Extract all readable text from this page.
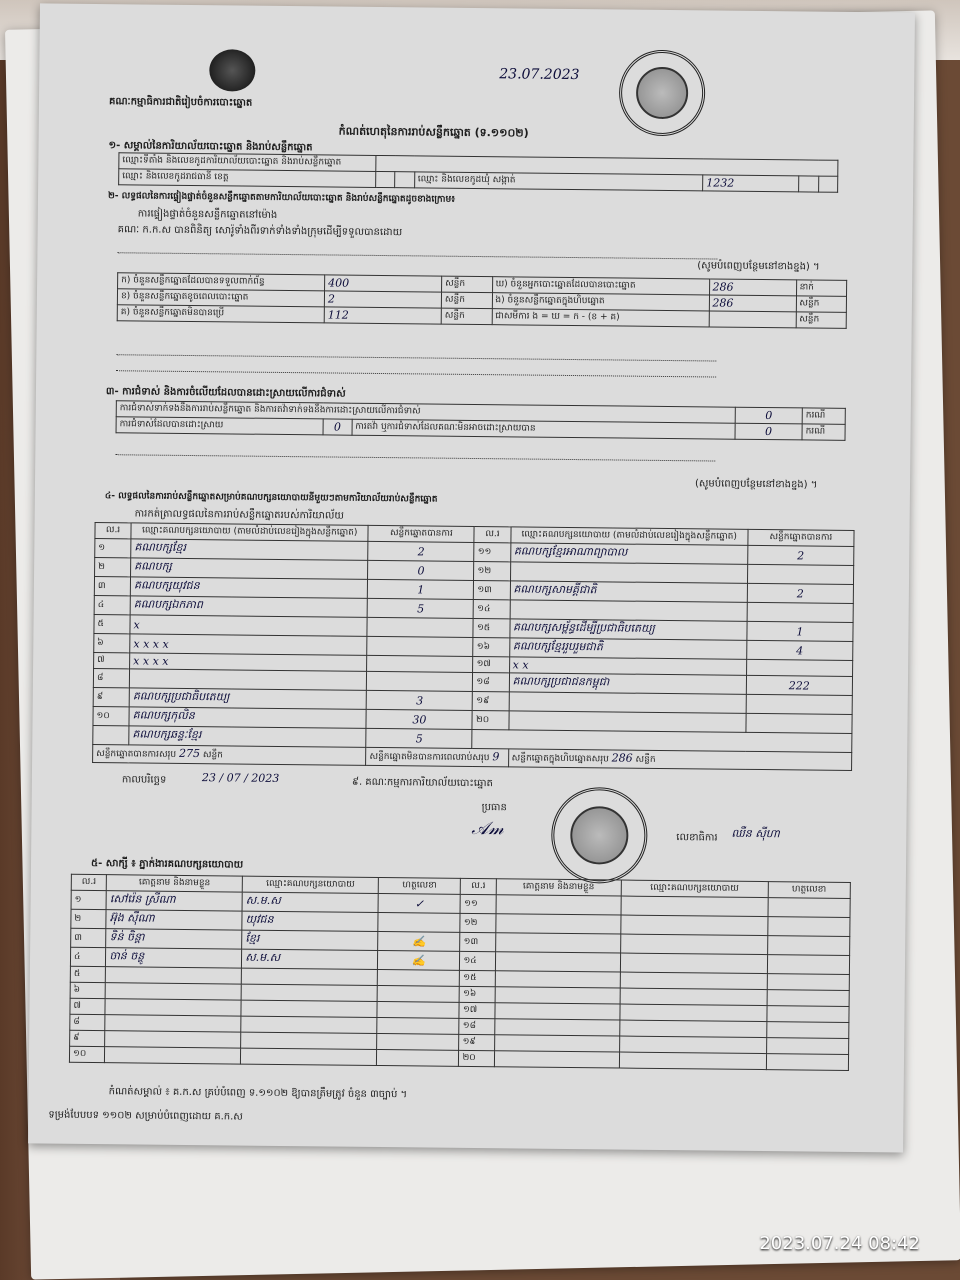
គណៈកម្មាធិការជាតិរៀបចំការបោះឆ្នោត
23.07.2023
កំណត់ហេតុនៃការរាប់សន្លឹកឆ្នោត (ទ.១១០២)
១- សម្គាល់នៃការិយាល័យបោះឆ្នោត និងរាប់សន្លឹកឆ្នោត
ឈ្មោះទីតាំង និងលេខកូដការិយាល័យបោះឆ្នោត និងរាប់សន្លឹកឆ្នោត						
ឈ្មោះ និងលេខកូដរាជធានី ខេត្ត			ឈ្មោះ និងលេខកូដឃុំ សង្កាត់	1232		
២- លទ្ធផលនៃការផ្ទៀងផ្ទាត់ចំនួនសន្លឹកឆ្នោតតាមការិយាល័យបោះឆ្នោត និងរាប់សន្លឹកឆ្នោតដូចខាងក្រោម៖
ការផ្ទៀងផ្ទាត់ចំនួនសន្លឹកឆ្នោតនៅម៉ោង
គណៈ ក.ក.ស បានពិនិត្យ សោរ៉ូទាំងពីរទាក់ទាំងទាំងក្រុមដើម្បីទទួលបានដោយ
(សូមបំពេញបន្ថែមនៅខាងខ្នង) ។
ក) ចំនួនសន្លឹកឆ្នោតដែលបានទទួលពាក់ព័ន្ធ	400	សន្លឹក	ឃ) ចំនួនអ្នកបោះឆ្នោតដែលបានបោះឆ្នោត	286	នាក់
ខ) ចំនួនសន្លឹកឆ្នោតខូចពេលបោះឆ្នោត	2	សន្លឹក	ង) ចំនួនសន្លឹកឆ្នោតក្នុងហិបឆ្នោត	286	សន្លឹក
គ) ចំនួនសន្លឹកឆ្នោតមិនបានប្រើ	112	សន្លឹក	ជាសមីការ ង = ឃ = ក - (ខ + គ)		សន្លឹក
៣- ការជំទាស់ និងការចំលើយដែលបានដោះស្រាយលើការជំទាស់
ការជំទាស់ទាក់ទងនឹងការរាប់សន្លឹកឆ្នោត និងការតវ៉ាទាក់ទងនឹងការដោះស្រាយលើការជំទាស់			0	ករណី
ការជំទាស់ដែលបានដោះស្រាយ	0	ការតវ៉ា ឬការជំទាស់ដែលគណៈមិនអាចដោះស្រាយបាន	0	ករណី
(សូមបំពេញបន្ថែមនៅខាងខ្នង) ។
៤- លទ្ធផលនៃការរាប់សន្លឹកឆ្នោតសម្រាប់គណបក្សនយោបាយនីមួយៗតាមការិយាល័យរាប់សន្លឹកឆ្នោត
ការកត់ត្រាលទ្ធផលនៃការរាប់សន្លឹកឆ្នោតរបស់ការិយាល័យ
ល.រ	ឈ្មោះគណបក្សនយោបាយ (តាមលំដាប់លេខរៀងក្នុងសន្លឹកឆ្នោត)	សន្លឹកឆ្នោតបានការ	ល.រ	ឈ្មោះគណបក្សនយោបាយ (តាមលំដាប់លេខរៀងក្នុងសន្លឹកឆ្នោត)	សន្លឹកឆ្នោតបានការ
១	គណបក្សខ្មែរ	2	១១	គណបក្សខ្មែរអាណាព្យាបាល	2
២	គណបក្ស	0	១២		
៣	គណបក្សយុវជន	1	១៣	គណបក្សសាមគ្គីជាតិ	2
៤	គណបក្សឯកភាព	5	១៤		
៥	x		១៥	គណបក្សសម្ព័ន្ធដើម្បីប្រជាធិបតេយ្យ	1
៦	x x x x		១៦	គណបក្សខ្មែររួបរួមជាតិ	4
៧	x x x x		១៧	x x	
៨			១៨	គណបក្សប្រជាជនកម្ពុជា	222
៩	គណបក្សប្រជាធិបតេយ្យ	3	១៩		
១០	គណបក្សកុលិន	30	២០		
	គណបក្សឆន្ទៈខ្មែរ	5			
សន្លឹកឆ្នោតបានការសរុប 275 សន្លឹក		សន្លឹកឆ្នោតមិនបានការពេលរាប់សរុប 9		សន្លឹកឆ្នោតក្នុងហិបឆ្នោតសរុប 286 សន្លឹក	
កាលបរិច្ឆេទ	23 / 07 / 2023	៩. គណៈកម្មការការិយាល័យបោះឆ្នោត
ប្រធាន
𝒜𝓂	លេខាធិការ ឈឺន ស៊ីហា
៥- សាក្សី ៖ ភ្នាក់ងារគណបក្សនយោបាយ
ល.រ	គោត្តនាម និងនាមខ្លួន	ឈ្មោះគណបក្សនយោបាយ	ហត្ថលេខា	ល.រ	គោត្តនាម និងនាមខ្លួន	ឈ្មោះគណបក្សនយោបាយ	ហត្ថលេខា
១	សៅរ៉េន ស្រីណា	ស.ម.ស	✓	១១			
២	អ៊ុង ស៊ីណា	យុវជន		១២			
៣	ទិន់ ចិន្តា	ខ្មែរ	✍	១៣			
៤	ចាន់ ចន្ថូ	ស.ម.ស	✍	១៤			
៥				១៥			
៦				១៦			
៧				១៧			
៨				១៨			
៩				១៩			
១០				២០			
កំណត់សម្គាល់ ៖ គ.ក.ស គ្រប់បំពេញ ទ.១១០២ ឱ្យបានត្រឹមត្រូវ ចំនួន ៣ច្បាប់ ។
ទម្រង់បែបបទ ១១០២ សម្រាប់បំពេញដោយ គ.ក.ស
2023.07.24 08:42
